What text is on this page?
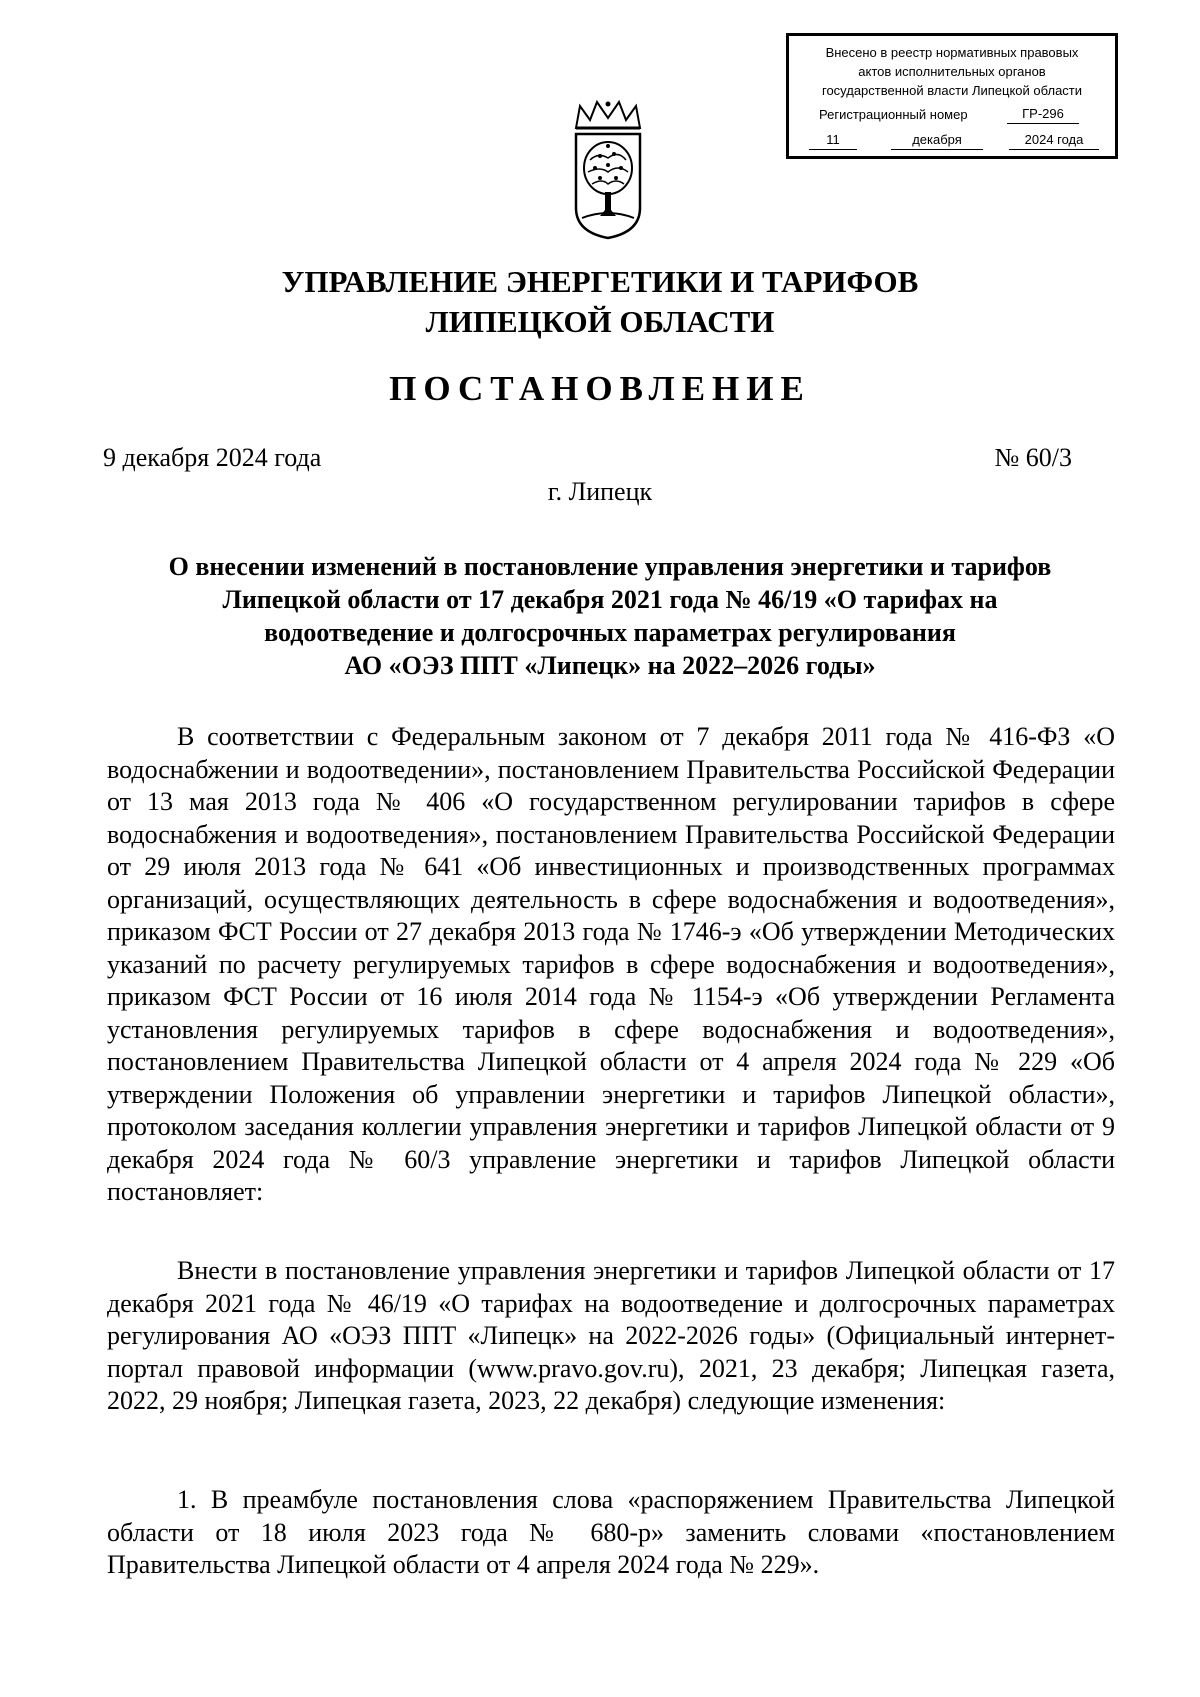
Внесено в реестр нормативных правовых
актов исполнительных органов
государственной власти Липецкой области
Регистрационный номер	ГР-296
11	декабря	2024 года
УПРАВЛЕНИЕ ЭНЕРГЕТИКИ И ТАРИФОВ
ЛИПЕЦКОЙ ОБЛАСТИ
ПОСТАНОВЛЕНИЕ
9 декабря 2024 года	№ 60/3
г. Липецк
О внесении изменений в постановление управления энергетики и тарифов
Липецкой области от 17 декабря 2021 года № 46/19 «О тарифах на
водоотведение и долгосрочных параметрах регулирования
АО «ОЭЗ ППТ «Липецк» на 2022–2026 годы»

В соответствии с Федеральным законом от 7 декабря 2011 года № 416-ФЗ «О водоснабжении и водоотведении», постановлением Правительства Российской Федерации от 13 мая 2013 года № 406 «О государственном регулировании тарифов в сфере водоснабжения и водоотведения», постановлением Правительства Российской Федерации от 29 июля 2013 года № 641 «Об инвестиционных и производственных программах организаций, осуществляющих деятельность в сфере водоснабжения и водоотведения», приказом ФСТ России от 27 декабря 2013 года № 1746-э «Об утверждении Методических указаний по расчету регулируемых тарифов в сфере водоснабжения и водоотведения», приказом ФСТ России от 16 июля 2014 года № 1154-э «Об утверждении Регламента установления регулируемых тарифов в сфере водоснабжения и водоотведения», постановлением Правительства Липецкой области от 4 апреля 2024 года № 229 «Об утверждении Положения об управлении энергетики и тарифов Липецкой области», протоколом заседания коллегии управления энергетики и тарифов Липецкой области от 9 декабря 2024 года № 60/3 управление энергетики и тарифов Липецкой области постановляет:

Внести в постановление управления энергетики и тарифов Липецкой области от 17 декабря 2021 года № 46/19 «О тарифах на водоотведение и долгосрочных параметрах регулирования АО «ОЭЗ ППТ «Липецк» на 2022-2026 годы» (Официальный интернет-портал правовой информации (www.pravo.gov.ru), 2021, 23 декабря; Липецкая газета, 2022, 29 ноября; Липецкая газета, 2023, 22 декабря) следующие изменения:

1. В преамбуле постановления слова «распоряжением Правительства Липецкой области от 18 июля 2023 года № 680-р» заменить словами «постановлением Правительства Липецкой области от 4 апреля 2024 года № 229».
